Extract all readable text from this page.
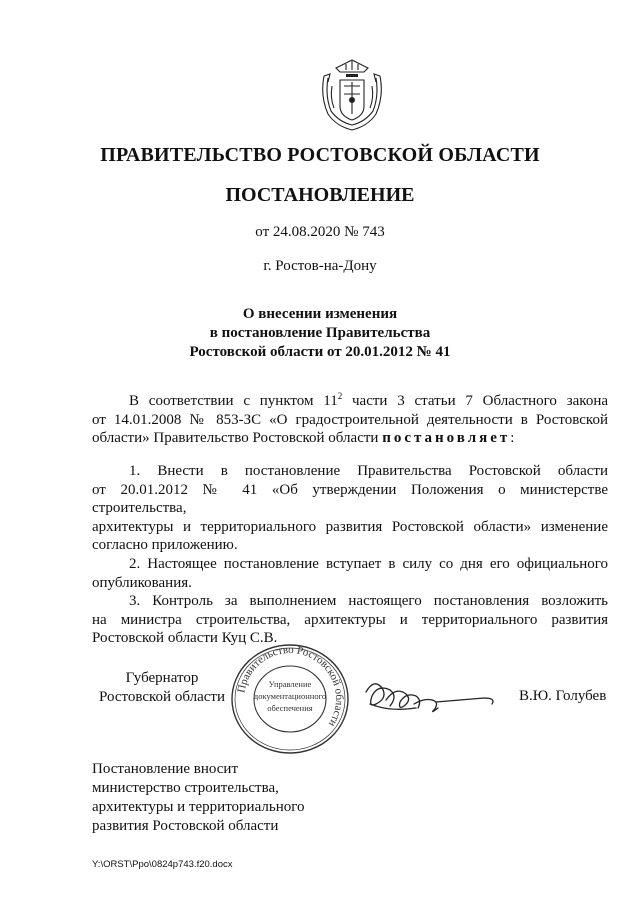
ПРАВИТЕЛЬСТВО РОСТОВСКОЙ ОБЛАСТИ
ПОСТАНОВЛЕНИЕ
от 24.08.2020 № 743
г. Ростов-на-Дону
О внесении изменения
в постановление Правительства
Ростовской области от 20.01.2012 № 41
В соответствии с пунктом $11^2$ части 3 статьи 7 Областного закона
от 14.01.2008 № 853-ЗС «О градостроительной деятельности в Ростовской
области» Правительство Ростовской области постановляет:
1. Внести в постановление Правительства Ростовской области
от 20.01.2012 № 41 «Об утверждении Положения о министерстве строительства,
архитектуры и территориального развития Ростовской области» изменение
согласно приложению.
2. Настоящее постановление вступает в силу со дня его официального
опубликования.
3. Контроль за выполнением настоящего постановления возложить
на министра строительства, архитектуры и территориального развития
Ростовской области Куц С.В.
Губернатор
Ростовской области
Правительство Ростовской области
Управление
документационного
обеспечения
В.Ю. Голубев
Постановление вносит
министерство строительства,
архитектуры и территориального
развития Ростовской области
Y:\ORST\Ppo\0824p743.f20.docx
